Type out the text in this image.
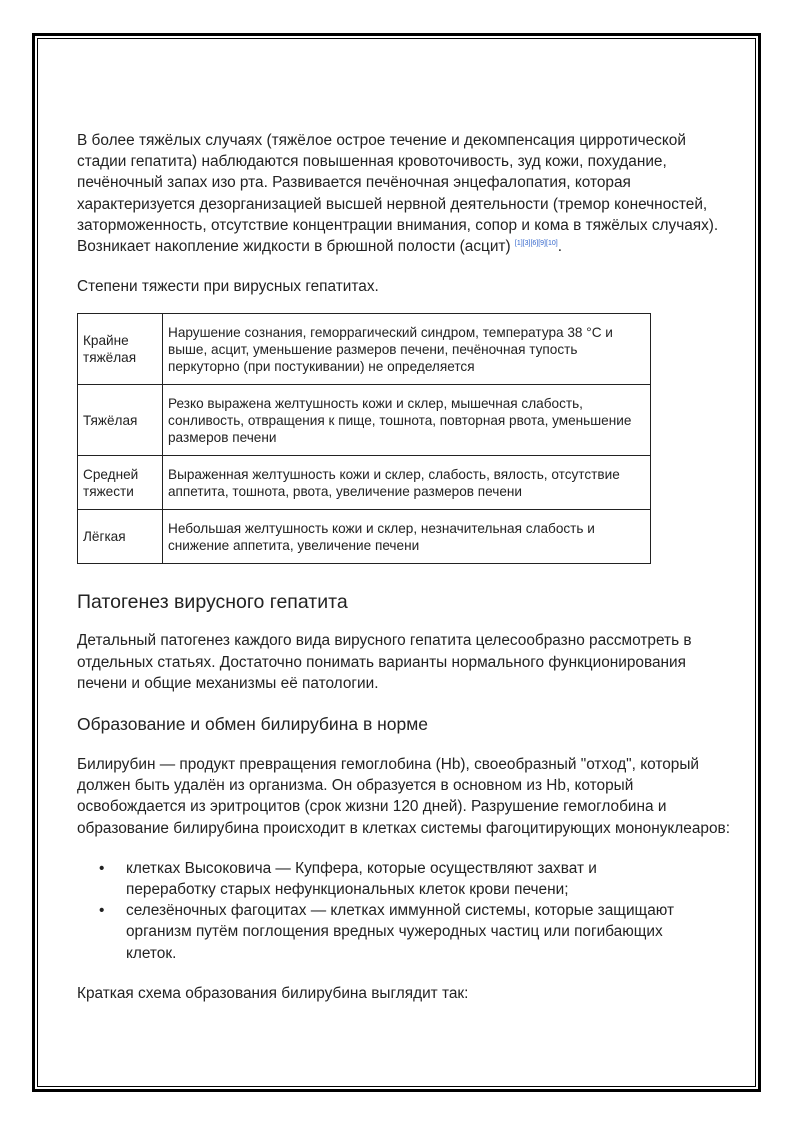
В более тяжёлых случаях (тяжёлое острое течение и декомпенсация цирротической стадии гепатита) наблюдаются повышенная кровоточивость, зуд кожи, похудание, печёночный запах изо рта. Развивается печёночная энцефалопатия, которая характеризуется дезорганизацией высшей нервной деятельности (тремор конечностей, заторможенность, отсутствие концентрации внимания, сопор и кома в тяжёлых случаях). Возникает накопление жидкости в брюшной полости (асцит) [1][3][6][9][10].

Степени тяжести при вирусных гепатитах.

Крайне тяжёлая	Нарушение сознания, геморрагический синдром, температура 38 °С и выше, асцит, уменьшение размеров печени, печёночная тупость перкуторно (при постукивании) не определяется
Тяжёлая	Резко выражена желтушность кожи и склер, мышечная слабость, сонливость, отвращения к пище, тошнота, повторная рвота, уменьшение размеров печени
Средней тяжести	Выраженная желтушность кожи и склер, слабость, вялость, отсутствие аппетита, тошнота, рвота, увеличение размеров печени
Лёгкая	Небольшая желтушность кожи и склер, незначительная слабость и снижение аппетита, увеличение печени
Патогенез вирусного гепатита

Детальный патогенез каждого вида вирусного гепатита целесообразно рассмотреть в отдельных статьях. Достаточно понимать варианты нормального функционирования печени и общие механизмы её патологии.

Образование и обмен билирубина в норме

Билирубин — продукт превращения гемоглобина (Hb), своеобразный "отход", который должен быть удалён из организма. Он образуется в основном из Hb, который освобождается из эритроцитов (срок жизни 120 дней). Разрушение гемоглобина и образование билирубина происходит в клетках системы фагоцитирующих мононуклеаров:

• клетках Высоковича — Купфера, которые осуществляют захват и переработку старых нефункциональных клеток крови печени;
• селезёночных фагоцитах — клетках иммунной системы, которые защищают организм путём поглощения вредных чужеродных частиц или погибающих клеток.

Краткая схема образования билирубина выглядит так:
